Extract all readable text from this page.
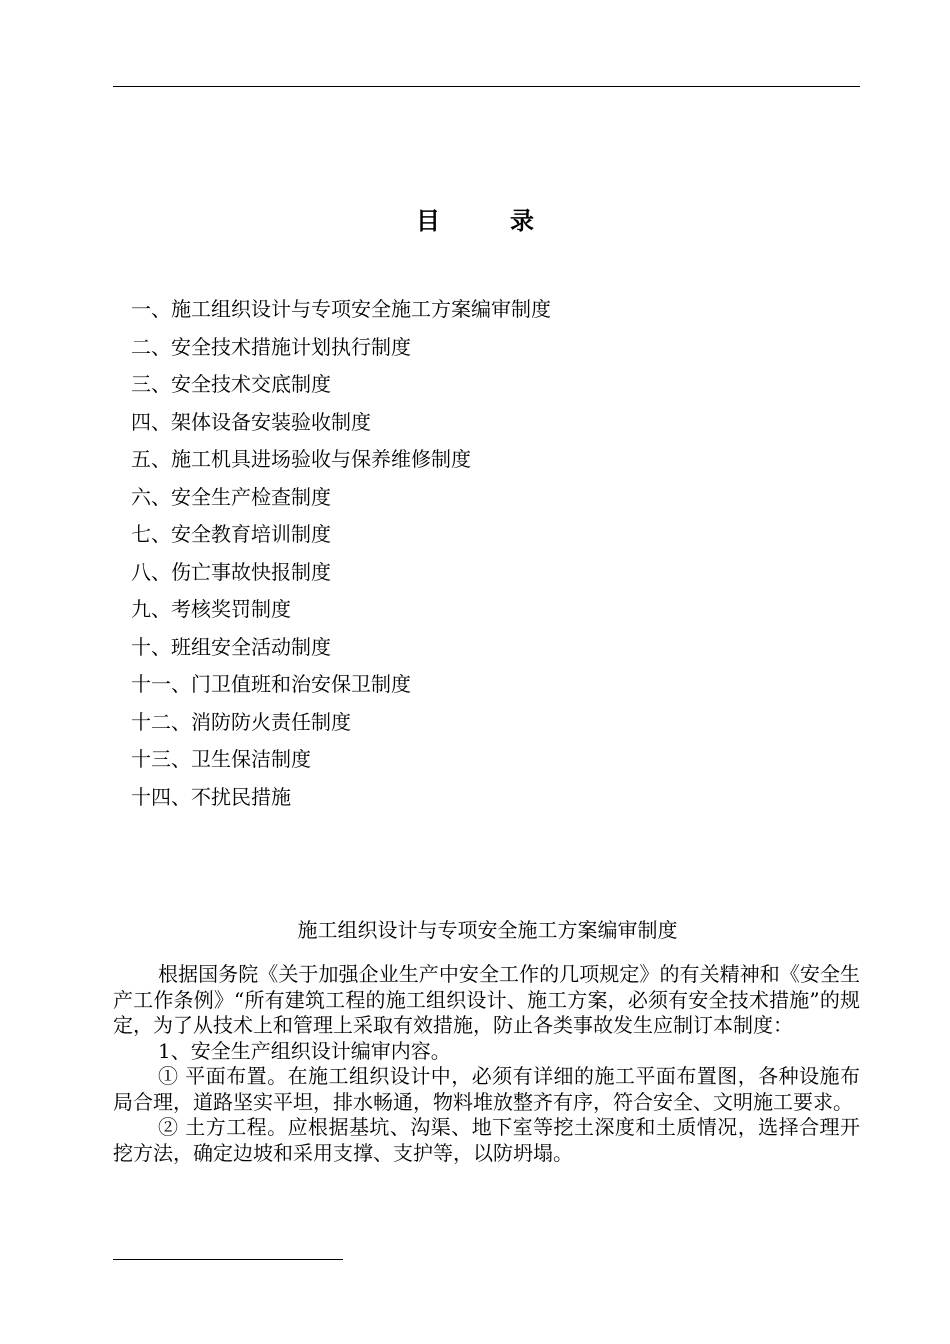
目录
一、施工组织设计与专项安全施工方案编审制度
二、安全技术措施计划执行制度
三、安全技术交底制度
四、架体设备安装验收制度
五、施工机具进场验收与保养维修制度
六、安全生产检查制度
七、安全教育培训制度
八、伤亡事故快报制度
九、考核奖罚制度
十、班组安全活动制度
十一、门卫值班和治安保卫制度
十二、消防防火责任制度
十三、卫生保洁制度
十四、不扰民措施
施工组织设计与专项安全施工方案编审制度

根据国务院《关于加强企业生产中安全工作的几项规定》的有关精神和《安全生产工作条例》“所有建筑工程的施工组织设计、施工方案，必须有安全技术措施”的规定，为了从技术上和管理上采取有效措施，防止各类事故发生应制订本制度：

1、安全生产组织设计编审内容。

① 平面布置。在施工组织设计中，必须有详细的施工平面布置图，各种设施布局合理，道路坚实平坦，排水畅通，物料堆放整齐有序，符合安全、文明施工要求。

② 土方工程。应根据基坑、沟渠、地下室等挖土深度和土质情况，选择合理开挖方法，确定边坡和采用支撑、支护等，以防坍塌。
